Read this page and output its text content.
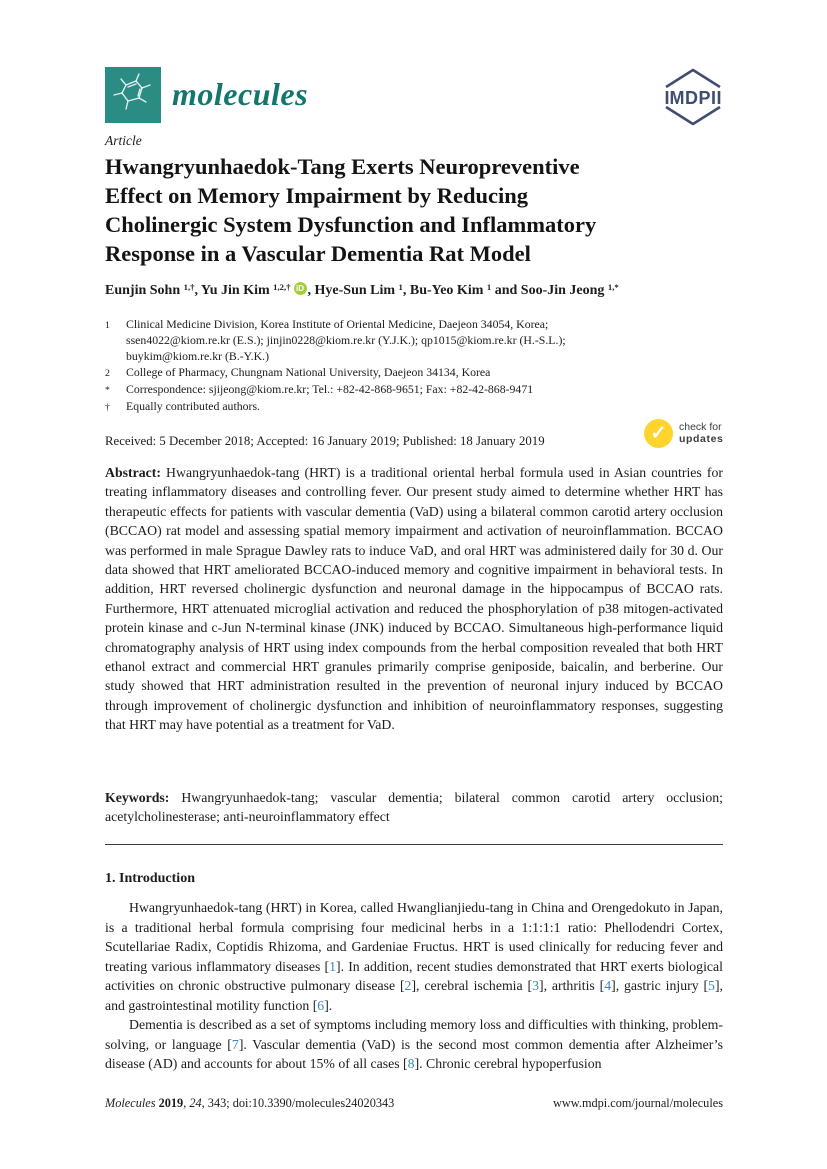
molecules	MDPI
Article
Hwangryunhaedok-Tang Exerts Neuropreventive
Effect on Memory Impairment by Reducing
Cholinergic System Dysfunction and Inflammatory
Response in a Vascular Dementia Rat Model
Eunjin Sohn $^{1,\dagger}$, Yu Jin Kim $^{1,2,\dagger}$ iD , Hye-Sun Lim $^1$, Bu-Yeo Kim $^1$ and Soo-Jin Jeong $^{1,*}$
1	Clinical Medicine Division, Korea Institute of Oriental Medicine, Daejeon 34054, Korea; ssen4022@kiom.re.kr (E.S.); jinjin0228@kiom.re.kr (Y.J.K.); qp1015@kiom.re.kr (H.-S.L.); buykim@kiom.re.kr (B.-Y.K.)
2	College of Pharmacy, Chungnam National University, Daejeon 34134, Korea
*	Correspondence: sjijeong@kiom.re.kr; Tel.: +82-42-868-9651; Fax: +82-42-868-9471
†	Equally contributed authors.
Received: 5 December 2018; Accepted: 16 January 2019; Published: 18 January 2019	✓	check for
updates
Abstract: Hwangryunhaedok-tang (HRT) is a traditional oriental herbal formula used in Asian countries for treating inflammatory diseases and controlling fever. Our present study aimed to determine whether HRT has therapeutic effects for patients with vascular dementia (VaD) using a bilateral common carotid artery occlusion (BCCAO) rat model and assessing spatial memory impairment and activation of neuroinflammation. BCCAO was performed in male Sprague Dawley rats to induce VaD, and oral HRT was administered daily for 30 d. Our data showed that HRT ameliorated BCCAO-induced memory and cognitive impairment in behavioral tests. In addition, HRT reversed cholinergic dysfunction and neuronal damage in the hippocampus of BCCAO rats. Furthermore, HRT attenuated microglial activation and reduced the phosphorylation of p38 mitogen-activated protein kinase and c-Jun N-terminal kinase (JNK) induced by BCCAO. Simultaneous high-performance liquid chromatography analysis of HRT using index compounds from the herbal composition revealed that both HRT ethanol extract and commercial HRT granules primarily comprise geniposide, baicalin, and berberine. Our study showed that HRT administration resulted in the prevention of neuronal injury induced by BCCAO through improvement of cholinergic dysfunction and inhibition of neuroinflammatory responses, suggesting that HRT may have potential as a treatment for VaD.
Keywords: Hwangryunhaedok-tang; vascular dementia; bilateral common carotid artery occlusion; acetylcholinesterase; anti-neuroinflammatory effect
1. Introduction

Hwangryunhaedok-tang (HRT) in Korea, called Hwanglianjiedu-tang in China and Orengedokuto in Japan, is a traditional herbal formula comprising four medicinal herbs in a 1:1:1:1 ratio: Phellodendri Cortex, Scutellariae Radix, Coptidis Rhizoma, and Gardeniae Fructus. HRT is used clinically for reducing fever and treating various inflammatory diseases [1]. In addition, recent studies demonstrated that HRT exerts biological activities on chronic obstructive pulmonary disease [2], cerebral ischemia [3], arthritis [4], gastric injury [5], and gastrointestinal motility function [6].

Dementia is described as a set of symptoms including memory loss and difficulties with thinking, problem-solving, or language [7]. Vascular dementia (VaD) is the second most common dementia after Alzheimer’s disease (AD) and accounts for about 15% of all cases [8]. Chronic cerebral hypoperfusion

Molecules 2019, 24, 343; doi:10.3390/molecules24020343	www.mdpi.com/journal/molecules
